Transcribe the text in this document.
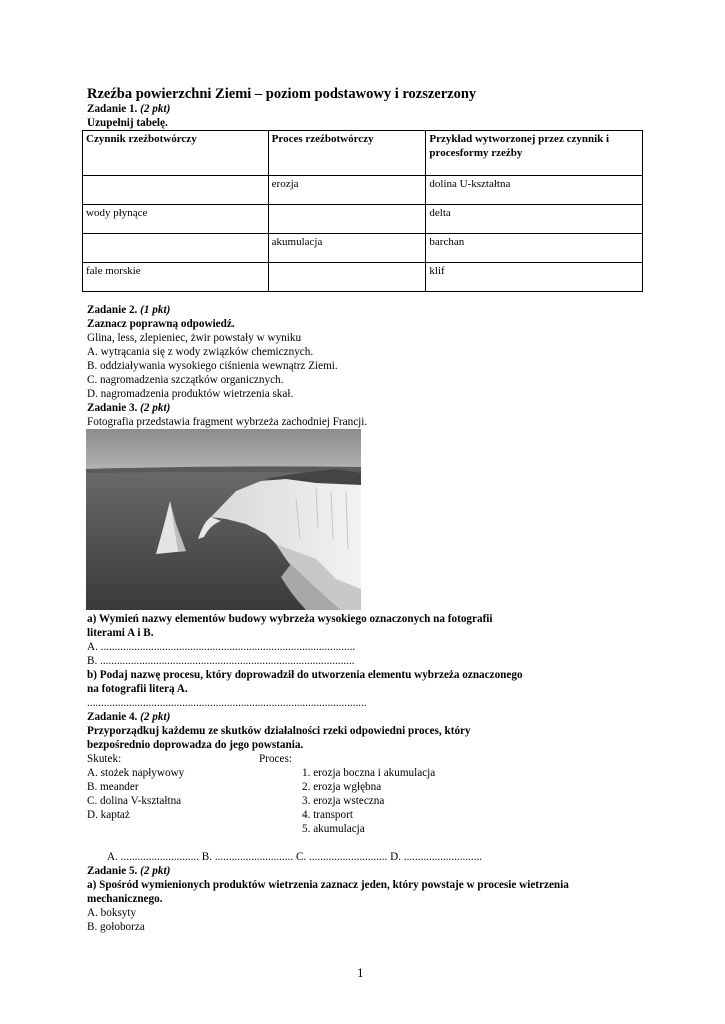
Rzeźba powierzchni Ziemi – poziom podstawowy i rozszerzony
Zadanie 1. (2 pkt)
Uzupełnij tabelę.
Czynnik rzeźbotwórczy	Proces rzeźbotwórczy	Przykład wytworzonej przez czynnik i procesformy rzeźby
	erozja	dolina U-kształtna
wody płynące		delta
	akumulacja	barchan
fale morskie		klif
Zadanie 2. (1 pkt)
Zaznacz poprawną odpowiedź.
Glina, less, zlepieniec, żwir powstały w wyniku
A. wytrącania się z wody związków chemicznych.
B. oddziaływania wysokiego ciśnienia wewnątrz Ziemi.
C. nagromadzenia szczątków organicznych.
D. nagromadzenia produktów wietrzenia skał.
Zadanie 3. (2 pkt)
Fotografia przedstawia fragment wybrzeża zachodniej Francji.
a) Wymień nazwy elementów budowy wybrzeża wysokiego oznaczonych na fotografii
literami A i B.
A. ...........................................................................................
B. ...........................................................................................
b) Podaj nazwę procesu, który doprowadził do utworzenia elementu wybrzeża oznaczonego
na fotografii literą A.
....................................................................................................
Zadanie 4. (2 pkt)
Przyporządkuj każdemu ze skutków działalności rzeki odpowiedni proces, który
bezpośrednio doprowadza do jego powstania.
Skutek:	Proces:
A. stożek napływowy
B. meander
C. dolina V-kształtna
D. kaptaż
1. erozja boczna i akumulacja
2. erozja wgłębna
3. erozja wsteczna
4. transport
5. akumulacja
A. ............................ B. ............................ C. ............................ D. ............................
Zadanie 5. (2 pkt)
a) Spośród wymienionych produktów wietrzenia zaznacz jeden, który powstaje w procesie wietrzenia
mechanicznego.
A. boksyty
B. gołoborza
1
